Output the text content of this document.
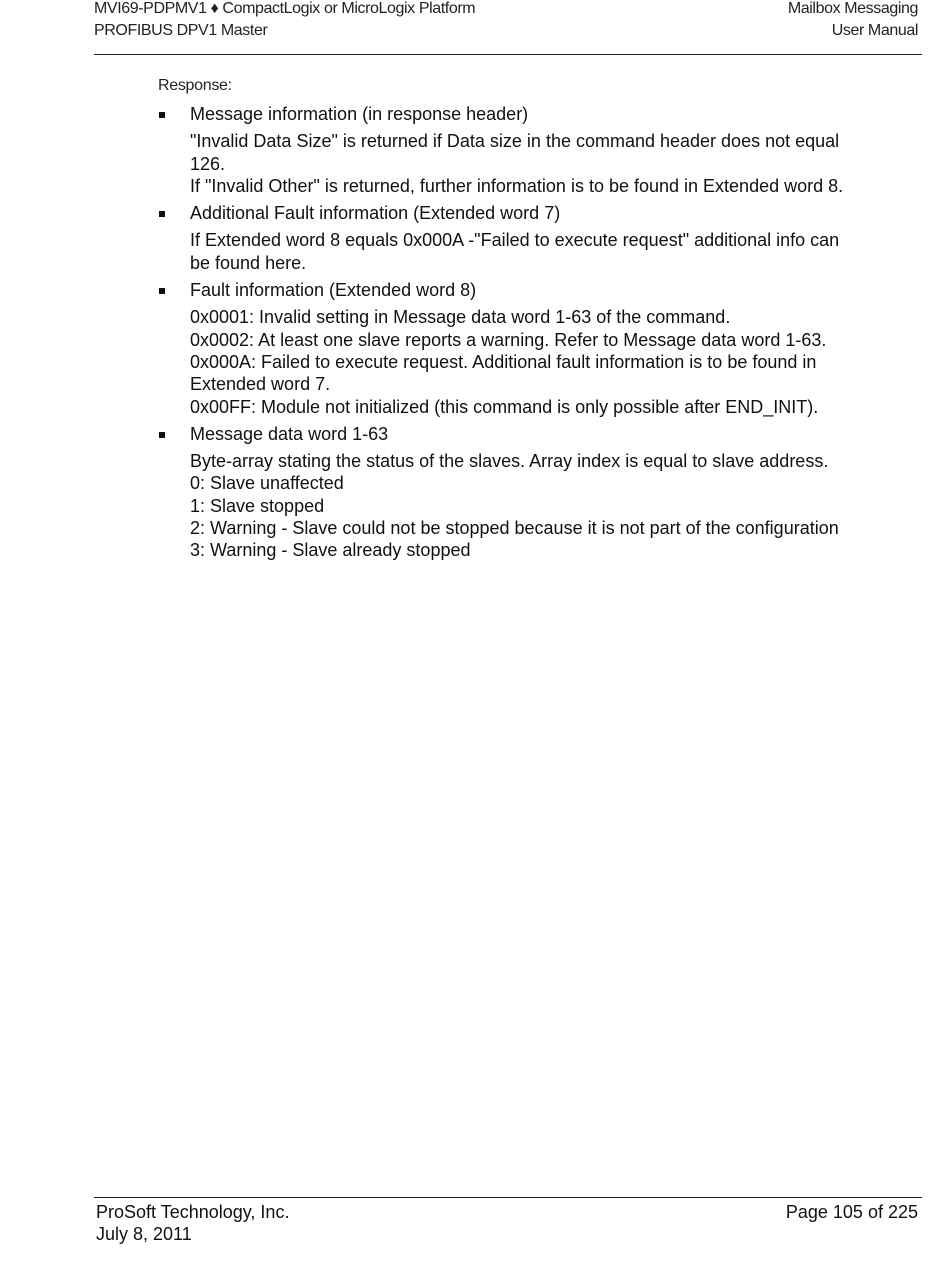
MVI69-PDPMV1 ♦ CompactLogix or MicroLogix Platform
PROFIBUS DPV1 Master
Mailbox Messaging
User Manual
Response:
Message information (in response header)
"Invalid Data Size" is returned if Data size in the command header does not equal 126.
If "Invalid Other" is returned, further information is to be found in Extended word 8.
Additional Fault information (Extended word 7)
If Extended word 8 equals 0x000A -"Failed to execute request" additional info can be found here.
Fault information (Extended word 8)
0x0001: Invalid setting in Message data word 1-63 of the command.
0x0002: At least one slave reports a warning. Refer to Message data word 1-63.
0x000A: Failed to execute request. Additional fault information is to be found in Extended word 7.
0x00FF: Module not initialized (this command is only possible after END_INIT).
Message data word 1-63
Byte-array stating the status of the slaves. Array index is equal to slave address.
0: Slave unaffected
1: Slave stopped
2: Warning - Slave could not be stopped because it is not part of the configuration
3: Warning - Slave already stopped
ProSoft Technology, Inc.
July 8, 2011
Page 105 of 225
